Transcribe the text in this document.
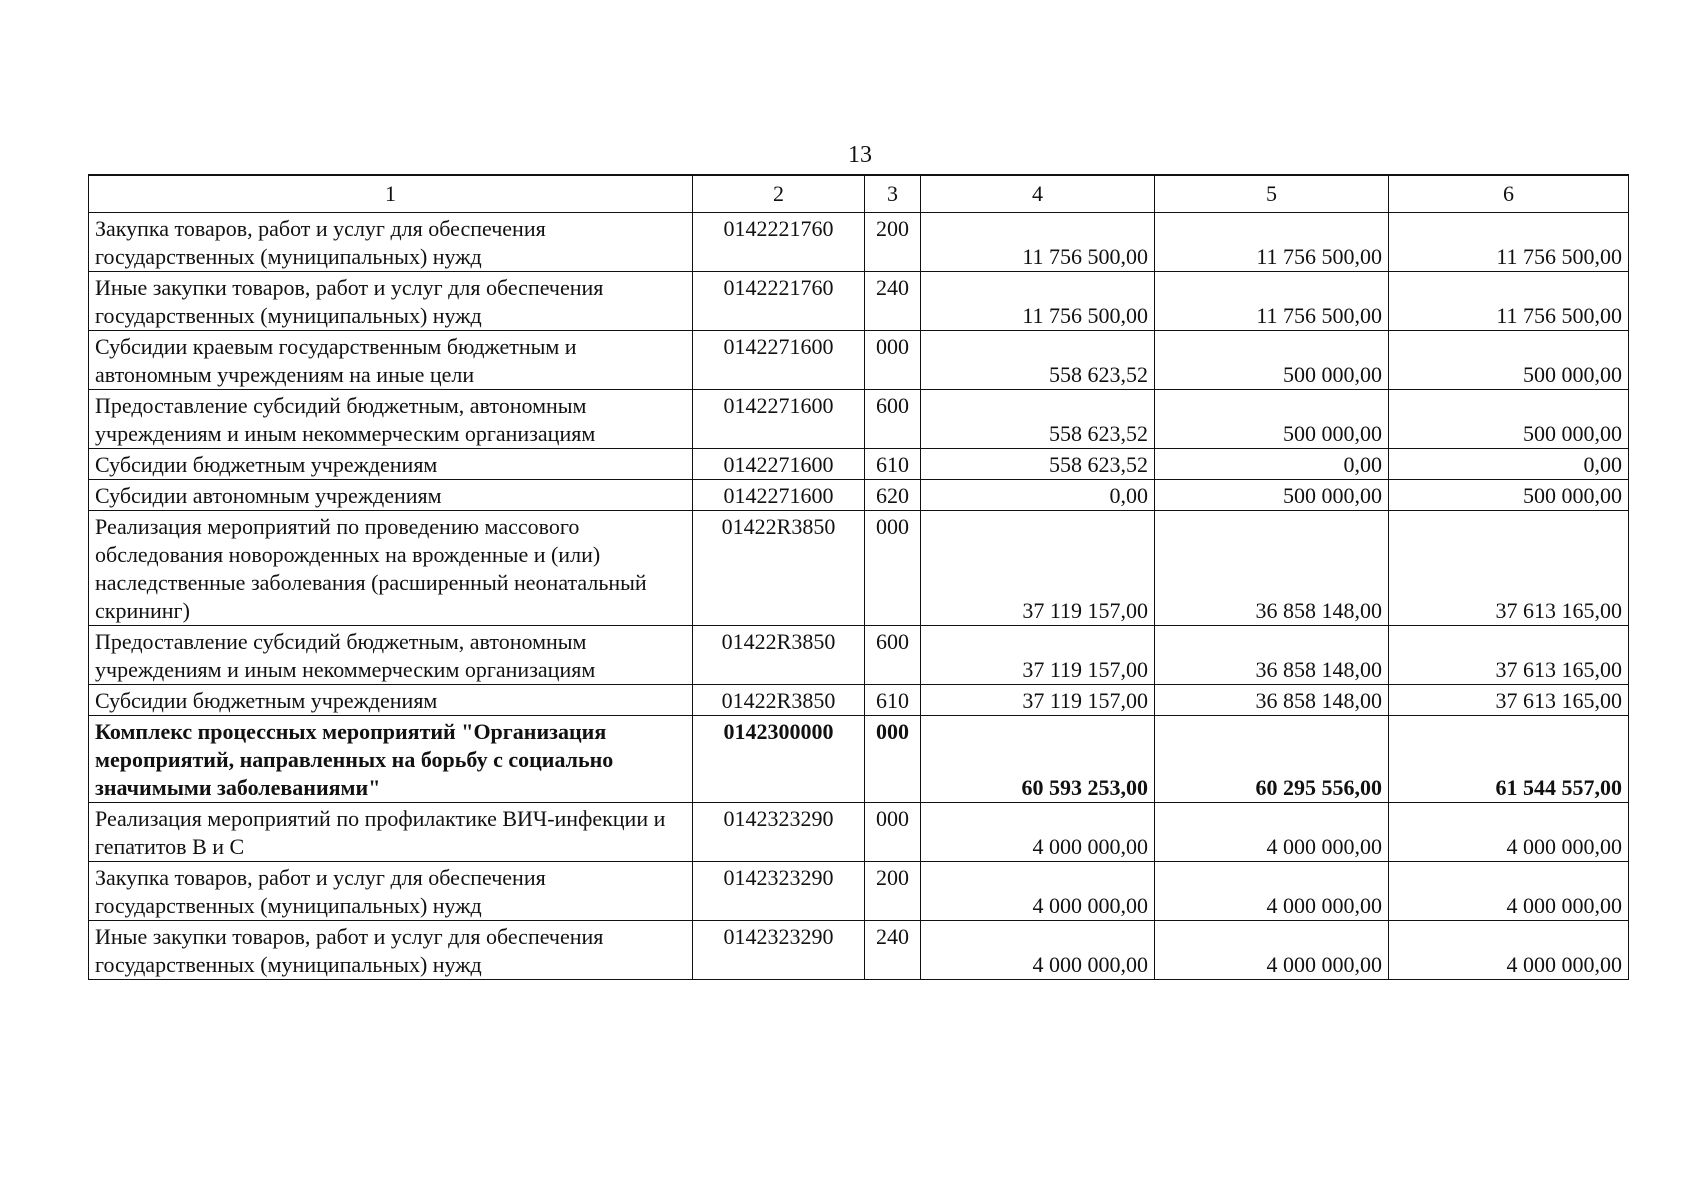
13
1	2	3	4	5	6
Закупка товаров, работ и услуг для обеспечения государственных (муниципальных) нужд	0142221760	200	11 756 500,00	11 756 500,00	11 756 500,00
Иные закупки товаров, работ и услуг для обеспечения государственных (муниципальных) нужд	0142221760	240	11 756 500,00	11 756 500,00	11 756 500,00
Субсидии краевым государственным бюджетным и автономным учреждениям на иные цели	0142271600	000	558 623,52	500 000,00	500 000,00
Предоставление субсидий бюджетным, автономным учреждениям и иным некоммерческим организациям	0142271600	600	558 623,52	500 000,00	500 000,00
Субсидии бюджетным учреждениям	0142271600	610	558 623,52	0,00	0,00
Субсидии автономным учреждениям	0142271600	620	0,00	500 000,00	500 000,00
Реализация мероприятий по проведению массового обследования новорожденных на врожденные и (или) наследственные заболевания (расширенный неонатальный скрининг)	01422R3850	000	37 119 157,00	36 858 148,00	37 613 165,00
Предоставление субсидий бюджетным, автономным учреждениям и иным некоммерческим организациям	01422R3850	600	37 119 157,00	36 858 148,00	37 613 165,00
Субсидии бюджетным учреждениям	01422R3850	610	37 119 157,00	36 858 148,00	37 613 165,00
Комплекс процессных мероприятий "Организация мероприятий, направленных на борьбу с социально значимыми заболеваниями"	0142300000	000	60 593 253,00	60 295 556,00	61 544 557,00
Реализация мероприятий по профилактике ВИЧ-инфекции и гепатитов В и С	0142323290	000	4 000 000,00	4 000 000,00	4 000 000,00
Закупка товаров, работ и услуг для обеспечения государственных (муниципальных) нужд	0142323290	200	4 000 000,00	4 000 000,00	4 000 000,00
Иные закупки товаров, работ и услуг для обеспечения государственных (муниципальных) нужд	0142323290	240	4 000 000,00	4 000 000,00	4 000 000,00
